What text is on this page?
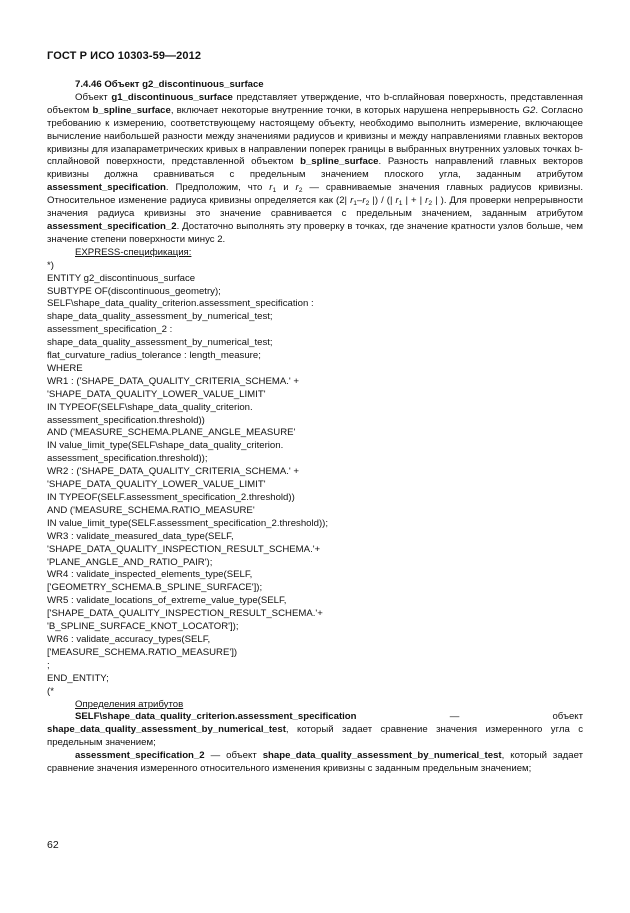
ГОСТ Р ИСО 10303-59—2012

7.4.46 Объект g2_discontinuous_surface

Объект g1_discontinuous_surface представляет утверждение, что b-сплайновая поверхность, представленная объектом b_spline_surface, включает некоторые внутренние точки, в которых нарушена непрерывность G2. Согласно требованию к измерению, соответствующему настоящему объекту, необходимо выполнить измерение, включающее вычисление наибольшей разности между значениями радиусов и кривизны и между направлениями главных векторов кривизны для изапараметрических кривых в направлении поперек границы в выбранных внутренних узловых точках b-сплайновой поверхности, представленной объектом b_spline_surface. Разность направлений главных векторов кривизны должна сравниваться с предельным значением плоского угла, заданным атрибутом assessment_specification. Предположим, что $r_1$ и $r_2$ — сравниваемые значения главных радиусов кривизны. Относительное изменение радиуса кривизны определяется как (2| $r_1-r_2$ |) / (| $r_1$ | + | $r_2$ | ). Для проверки непрерывности значения радиуса кривизны это значение сравнивается с предельным значением, заданным атрибутом assessment_specification_2. Достаточно выполнять эту проверку в точках, где значение кратности узлов больше, чем значение степени поверхности минус 2.

EXPRESS-спецификация:

*)
ENTITY g2_discontinuous_surface
SUBTYPE OF(discontinuous_geometry);
SELF\shape_data_quality_criterion.assessment_specification :
shape_data_quality_assessment_by_numerical_test;
assessment_specification_2 :
shape_data_quality_assessment_by_numerical_test;
flat_curvature_radius_tolerance : length_measure;
WHERE
WR1 : ('SHAPE_DATA_QUALITY_CRITERIA_SCHEMA.' +
'SHAPE_DATA_QUALITY_LOWER_VALUE_LIMIT'
IN TYPEOF(SELF\shape_data_quality_criterion.
assessment_specification.threshold))
AND ('MEASURE_SCHEMA.PLANE_ANGLE_MEASURE'
IN value_limit_type(SELF\shape_data_quality_criterion.
assessment_specification.threshold));
WR2 : ('SHAPE_DATA_QUALITY_CRITERIA_SCHEMA.' +
'SHAPE_DATA_QUALITY_LOWER_VALUE_LIMIT'
IN TYPEOF(SELF.assessment_specification_2.threshold))
AND ('MEASURE_SCHEMA.RATIO_MEASURE'
IN value_limit_type(SELF.assessment_specification_2.threshold));
WR3 : validate_measured_data_type(SELF,
'SHAPE_DATA_QUALITY_INSPECTION_RESULT_SCHEMA.'+
'PLANE_ANGLE_AND_RATIO_PAIR');
WR4 : validate_inspected_elements_type(SELF,
['GEOMETRY_SCHEMA.B_SPLINE_SURFACE']);
WR5 : validate_locations_of_extreme_value_type(SELF,
['SHAPE_DATA_QUALITY_INSPECTION_RESULT_SCHEMA.'+
'B_SPLINE_SURFACE_KNOT_LOCATOR']);
WR6 : validate_accuracy_types(SELF,
['MEASURE_SCHEMA.RATIO_MEASURE'])
;
END_ENTITY;
(*

Определения атрибутов

SELF\shape_data_quality_criterion.assessment_specification — объект shape_data_quality_assessment_by_numerical_test, который задает сравнение значения измеренного угла с предельным значением;

assessment_specification_2 — объект shape_data_quality_assessment_by_numerical_test, который задает сравнение значения измеренного относительного изменения кривизны с заданным предельным значением;

62
